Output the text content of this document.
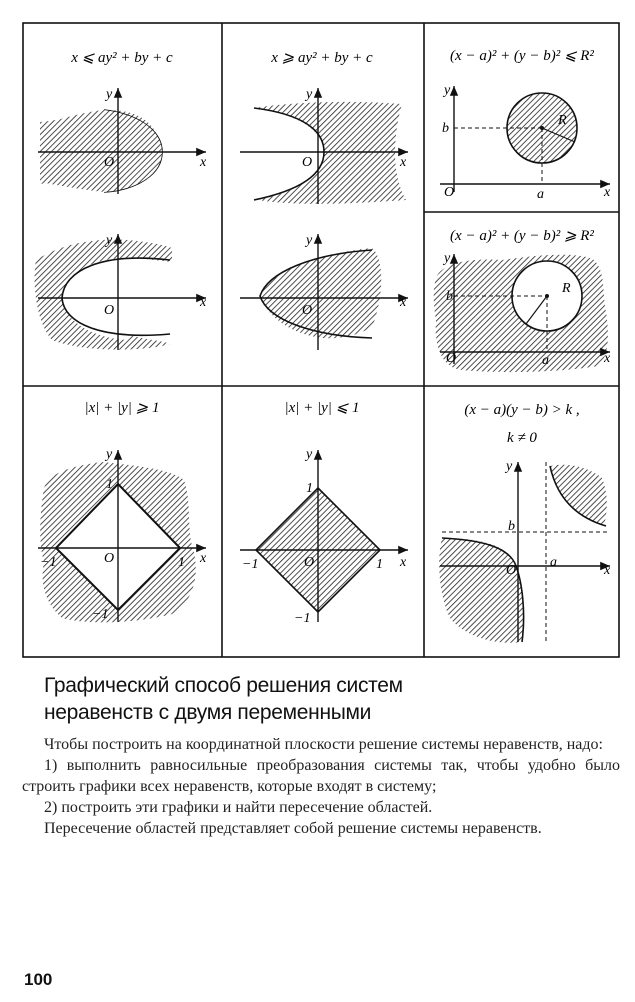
x ⩽ ay² + by + c
x
y
O
x
y
O
x ⩾ ay² + by + c
x
y
O
x
y
O
(x − a)² + (y − b)² ⩽ R²
x
y
O
b
a
R
(x − a)² + (y − b)² ⩾ R²
x
y
O
b
a
R
|x| + |y| ⩾ 1
x
y
O
1
1
−1
−1
|x| + |y| ⩽ 1
x
y
O
1
1
−1
−1
(x − a)(y − b) > k ,
k ≠ 0
x
y
O
b
a
Графический способ решения систем
неравенств с двумя переменными

Чтобы построить на координатной плоскости решение системы неравенств, надо:

1) выполнить равносильные преобразования системы так, чтобы удобно было строить графики всех неравенств, которые входят в систему;

2) построить эти графики и найти пересечение областей.

Пересечение областей представляет собой решение системы неравенств.

100
